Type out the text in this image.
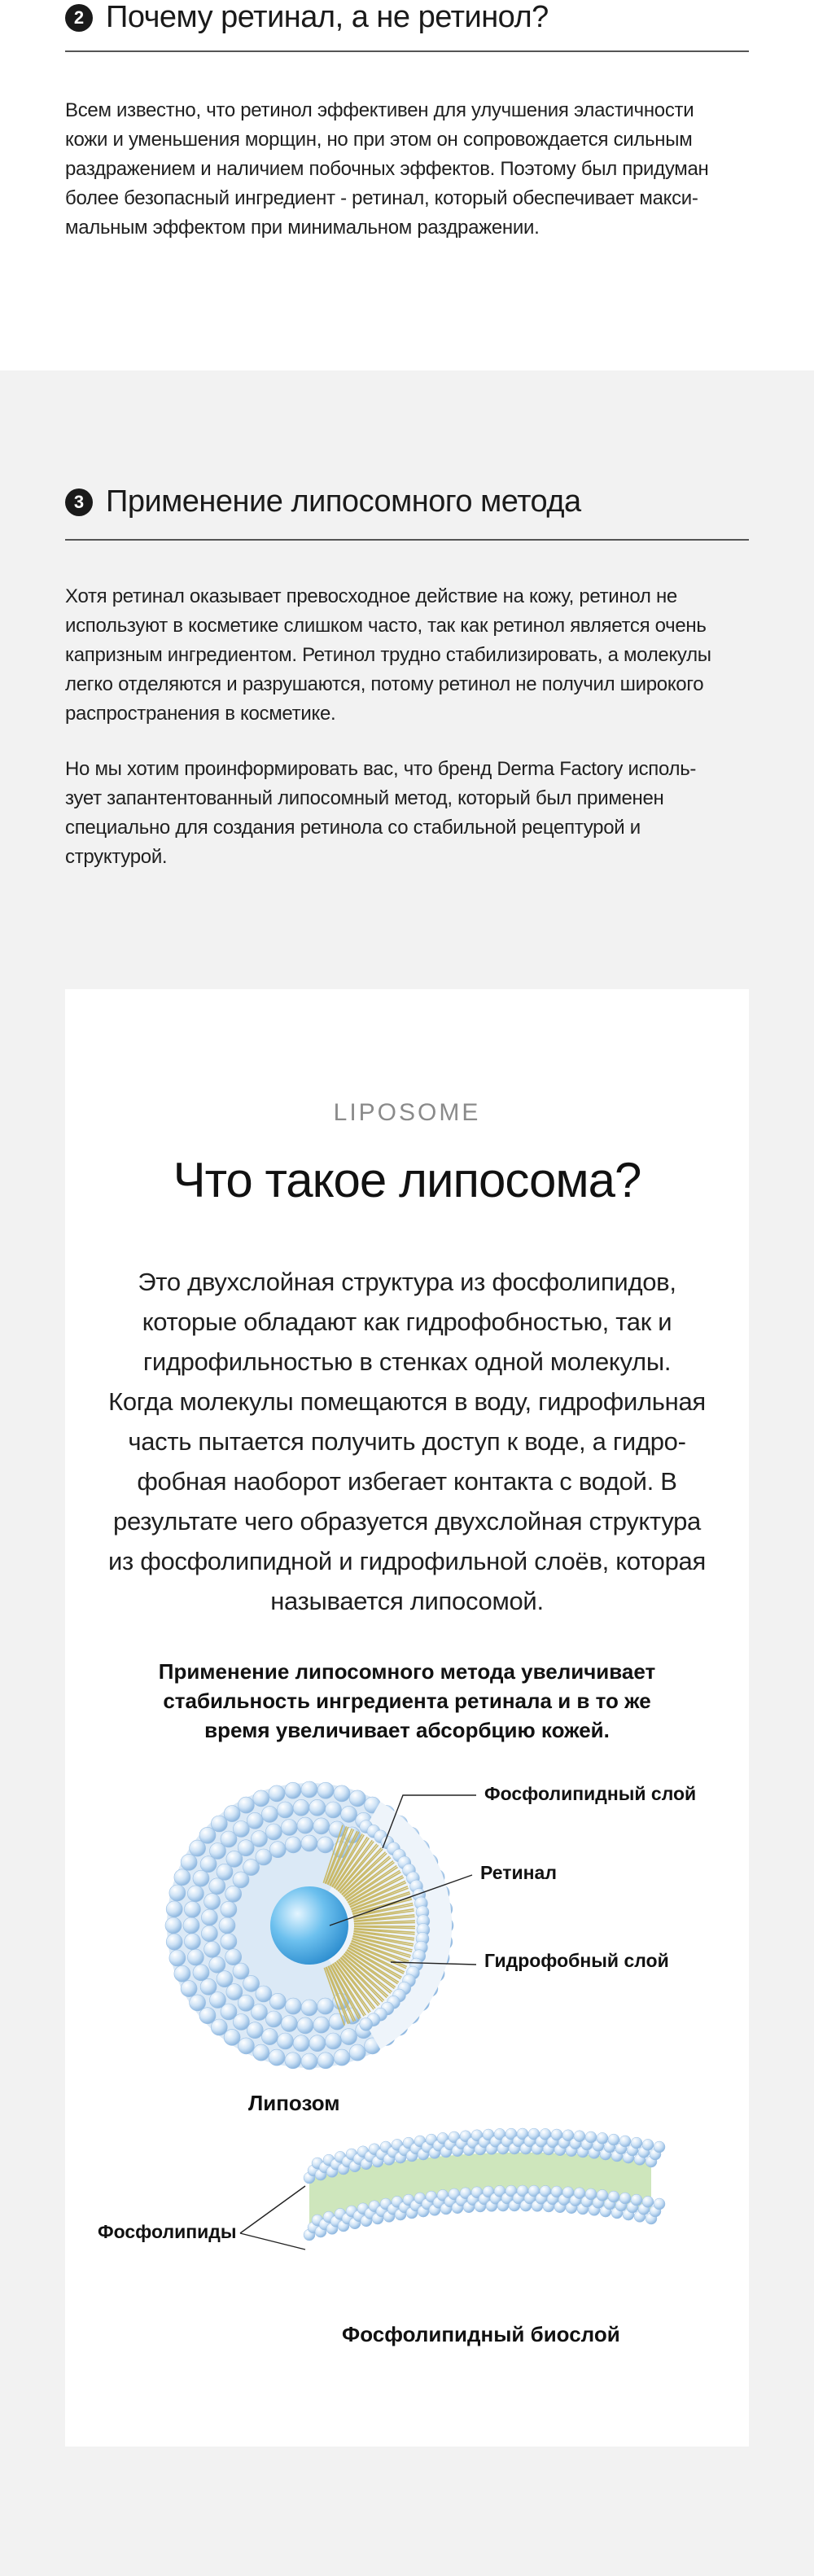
2 Почему ретинал, а не ретинол?
Всем известно, что ретинол эффективен для улучшения эластичности
кожи и уменьшения морщин, но при этом он сопровождается сильным
раздражением и наличием побочных эффектов. Поэтому был придуман
более безопасный ингредиент - ретинал, который обеспечивает макси-
мальным эффектом при минимальном раздражении.
3 Применение липосомного метода
Хотя ретинал оказывает превосходное действие на кожу, ретинол не
используют в косметике слишком часто, так как ретинол является очень
капризным ингредиентом. Ретинол трудно стабилизировать, а молекулы
легко отделяются и разрушаются, потому ретинол не получил широкого
распространения в косметике.
Но мы хотим проинформировать вас, что бренд Derma Factory исполь-
зует запантентованный липосомный метод, который был применен
специально для создания ретинола со стабильной рецептурой и
структурой.
LIPOSOME
Что такое липосома?
Это двухслойная структура из фосфолипидов,
которые обладают как гидрофобностью, так и
гидрофильностью в стенках одной молекулы.
Когда молекулы помещаются в воду, гидрофильная
часть пытается получить доступ к воде, а гидро-
фобная наоборот избегает контакта с водой. В
результате чего образуется двухслойная структура
из фосфолипидной и гидрофильной слоёв, которая
называется липосомой.
Применение липосомного метода увеличивает
стабильность ингредиента ретинала и в то же
время увеличивает абсорбцию кожей.
Фосфолипидный слой
Ретинал
Гидрофобный слой
Липозом
Фосфолипиды
Фосфолипидный биослой
